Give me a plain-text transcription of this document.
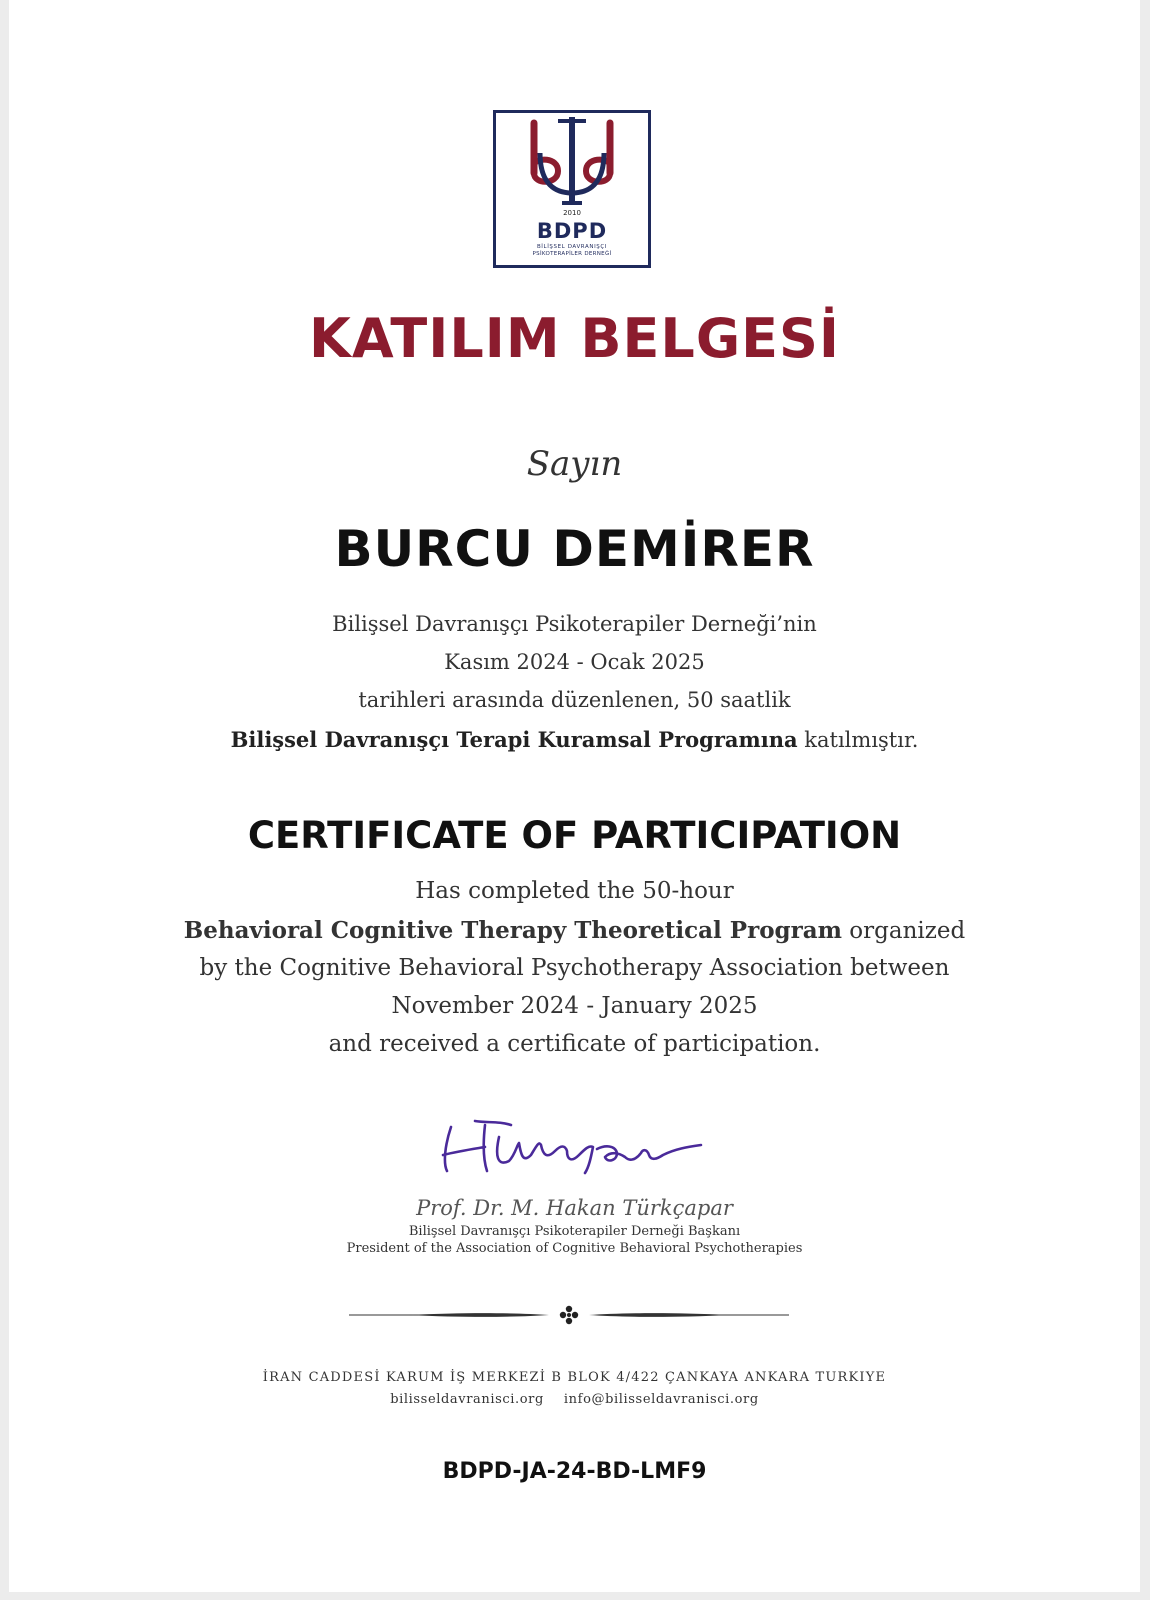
2010
BDPD
BİLİŞSEL DAVRANIŞÇI
PSİKOTERAPİLER DERNEĞİ
KATILIM BELGESİ
Sayın
BURCU DEMİRER
Bilişsel Davranışçı Psikoterapiler Derneği’nin
Kasım 2024 - Ocak 2025
tarihleri arasında düzenlenen, 50 saatlik
Bilişsel Davranışçı Terapi Kuramsal Programına katılmıştır.
CERTIFICATE OF PARTICIPATION
Has completed the 50-hour
Behavioral Cognitive Therapy Theoretical Program organized
by the Cognitive Behavioral Psychotherapy Association between
November 2024 - January 2025
and received a certificate of participation.
Prof. Dr. M. Hakan Türkçapar
Bilişsel Davranışçı Psikoterapiler Derneği Başkanı
President of the Association of Cognitive Behavioral Psychotherapies
İRAN CADDESİ KARUM İŞ MERKEZİ B BLOK 4/422 ÇANKAYA ANKARA TURKIYE
bilisseldavranisci.org info@bilisseldavranisci.org
BDPD-JA-24-BD-LMF9
